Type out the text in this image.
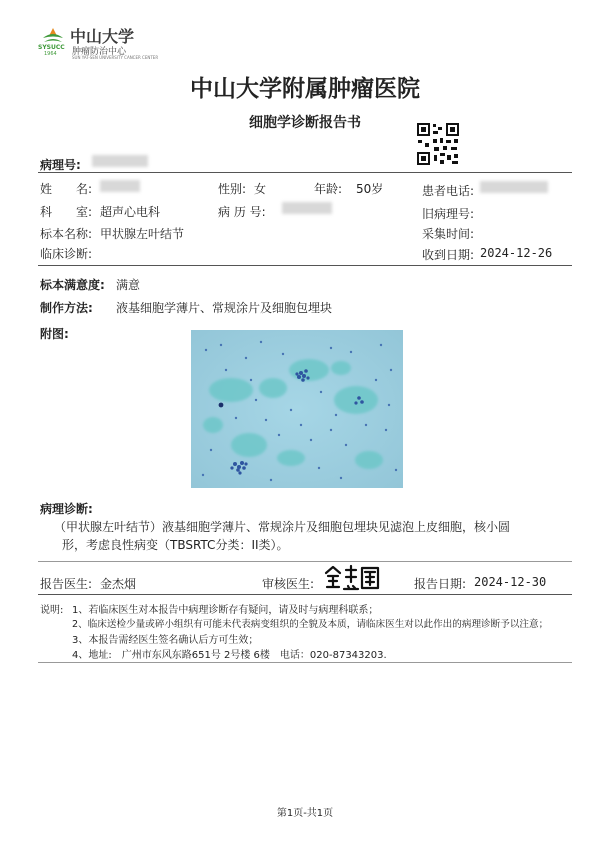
SYSUCC
1964
中山大学
肿瘤防治中心
SUN YAT-SEN UNIVERSITY CANCER CENTER
中山大学附属肿瘤医院
细胞学诊断报告书
病理号:
姓　　名:	性别: 女	年龄: 50岁	患者电话:
科　　室: 超声心电科	病 历 号:	旧病理号:
标本名称: 甲状腺左叶结节	采集时间:
临床诊断:	收到日期: 2024-12-26
标本满意度: 满意
制作方法: 液基细胞学薄片、常规涂片及细胞包埋块
附图:
病理诊断:
（甲状腺左叶结节）液基细胞学薄片、常规涂片及细胞包埋块见滤泡上皮细胞，核小圆
形，考虑良性病变（TBSRTC分类：II类）。
报告医生: 金杰烟	审核医生:	报告日期: 2024-12-30
说明: 1、若临床医生对本报告中病理诊断存有疑问，请及时与病理科联系；
2、临床送检少量或碎小组织有可能未代表病变组织的全貌及本质，请临床医生对以此作出的病理诊断予以注意；
3、本报告需经医生签名确认后方可生效；
4、地址:　广州市东风东路651号 2号楼 6楼　电话：020-87343203.
第1页-共1页
